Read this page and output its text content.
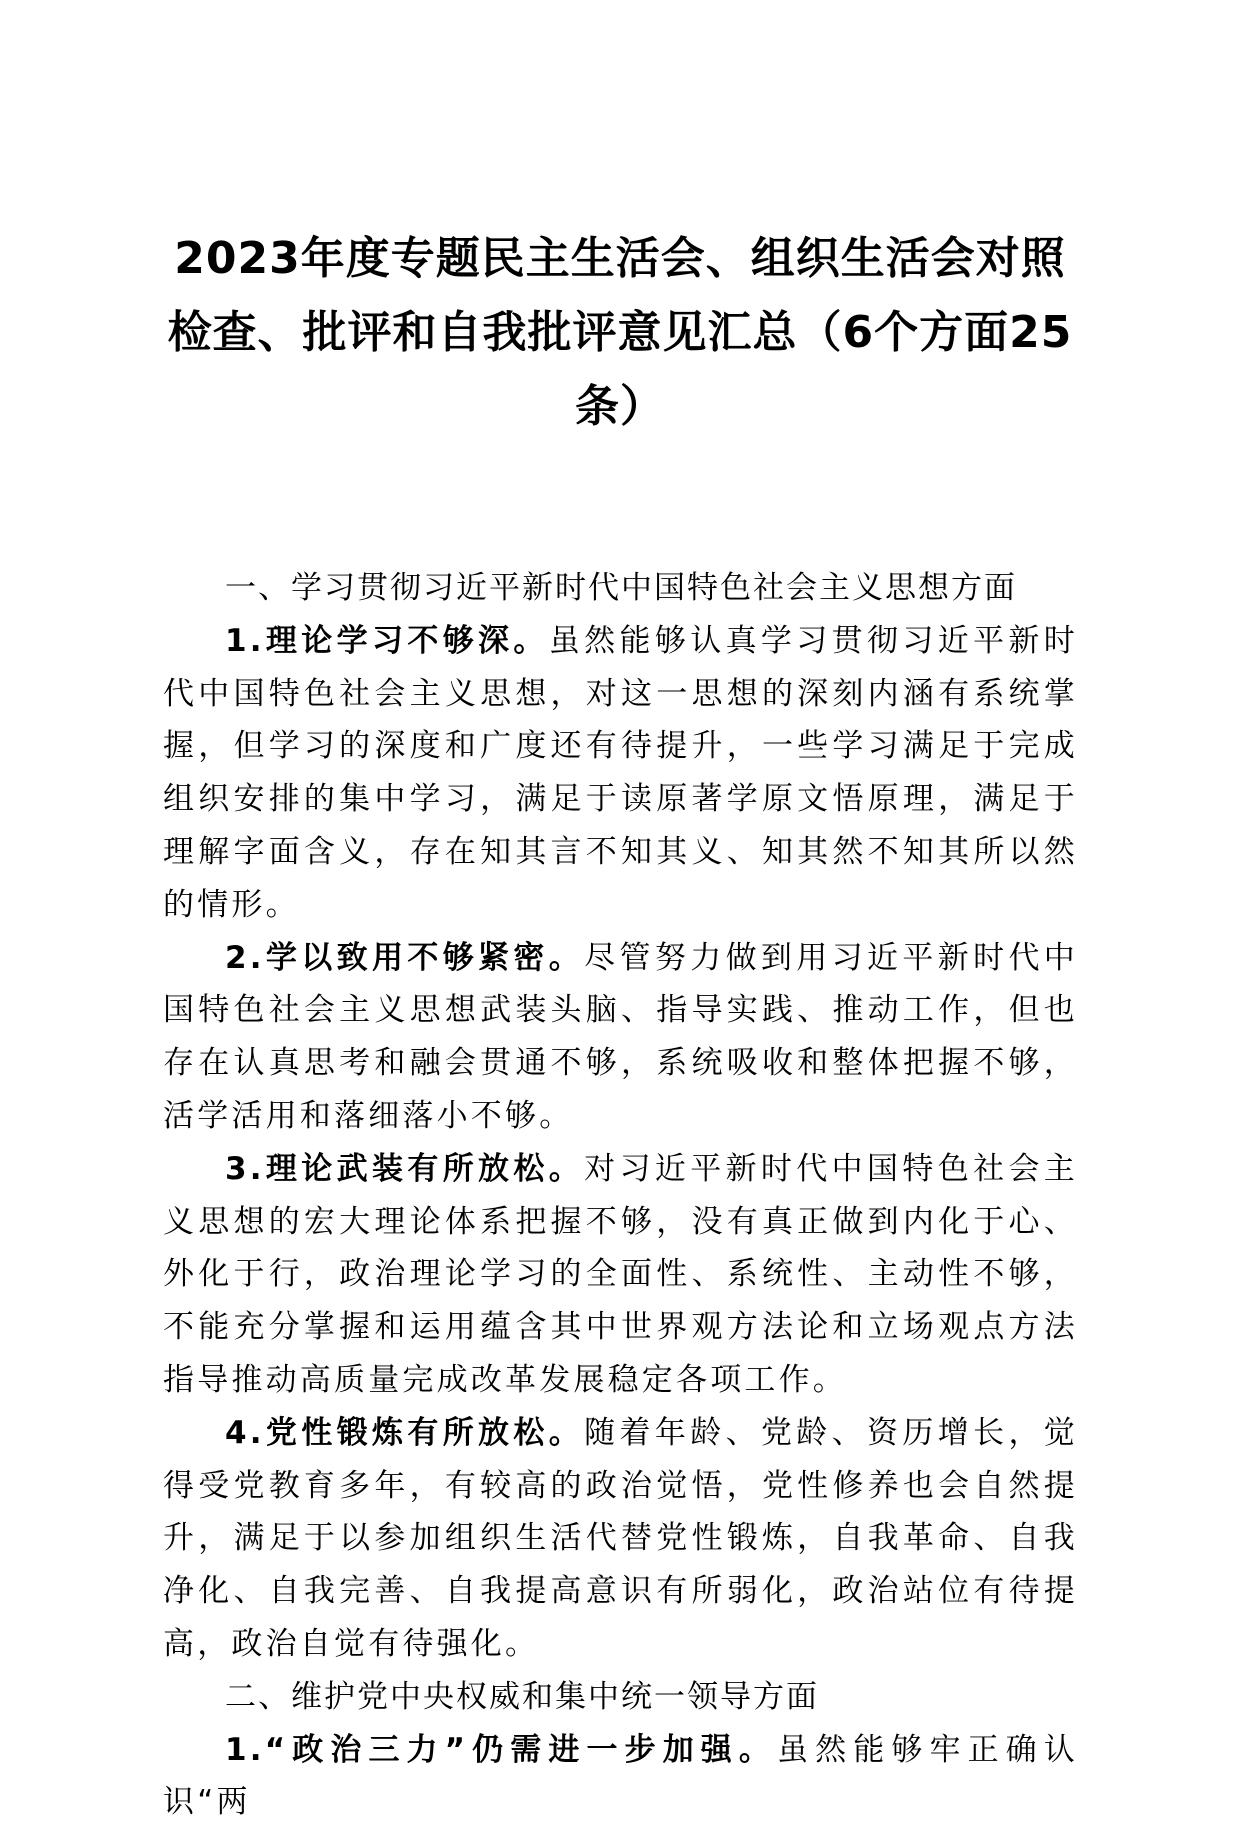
2023年度专题民主生活会、组织生活会对照
检查、批评和自我批评意见汇总（6个方面25
条）

一、学习贯彻习近平新时代中国特色社会主义思想方面

1.理论学习不够深。虽然能够认真学习贯彻习近平新时代中国特色社会主义思想，对这一思想的深刻内涵有系统掌握，但学习的深度和广度还有待提升，一些学习满足于完成组织安排的集中学习，满足于读原著学原文悟原理，满足于理解字面含义，存在知其言不知其义、知其然不知其所以然的情形。

2.学以致用不够紧密。尽管努力做到用习近平新时代中国特色社会主义思想武装头脑、指导实践、推动工作，但也存在认真思考和融会贯通不够，系统吸收和整体把握不够，活学活用和落细落小不够。

3.理论武装有所放松。对习近平新时代中国特色社会主义思想的宏大理论体系把握不够，没有真正做到内化于心、外化于行，政治理论学习的全面性、系统性、主动性不够，不能充分掌握和运用蕴含其中世界观方法论和立场观点方法指导推动高质量完成改革发展稳定各项工作。

4.党性锻炼有所放松。随着年龄、党龄、资历增长，觉得受党教育多年，有较高的政治觉悟，党性修养也会自然提升，满足于以参加组织生活代替党性锻炼，自我革命、自我净化、自我完善、自我提高意识有所弱化，政治站位有待提高，政治自觉有待强化。

二、维护党中央权威和集中统一领导方面

1.“政治三力”仍需进一步加强。虽然能够牢正确认识“两
